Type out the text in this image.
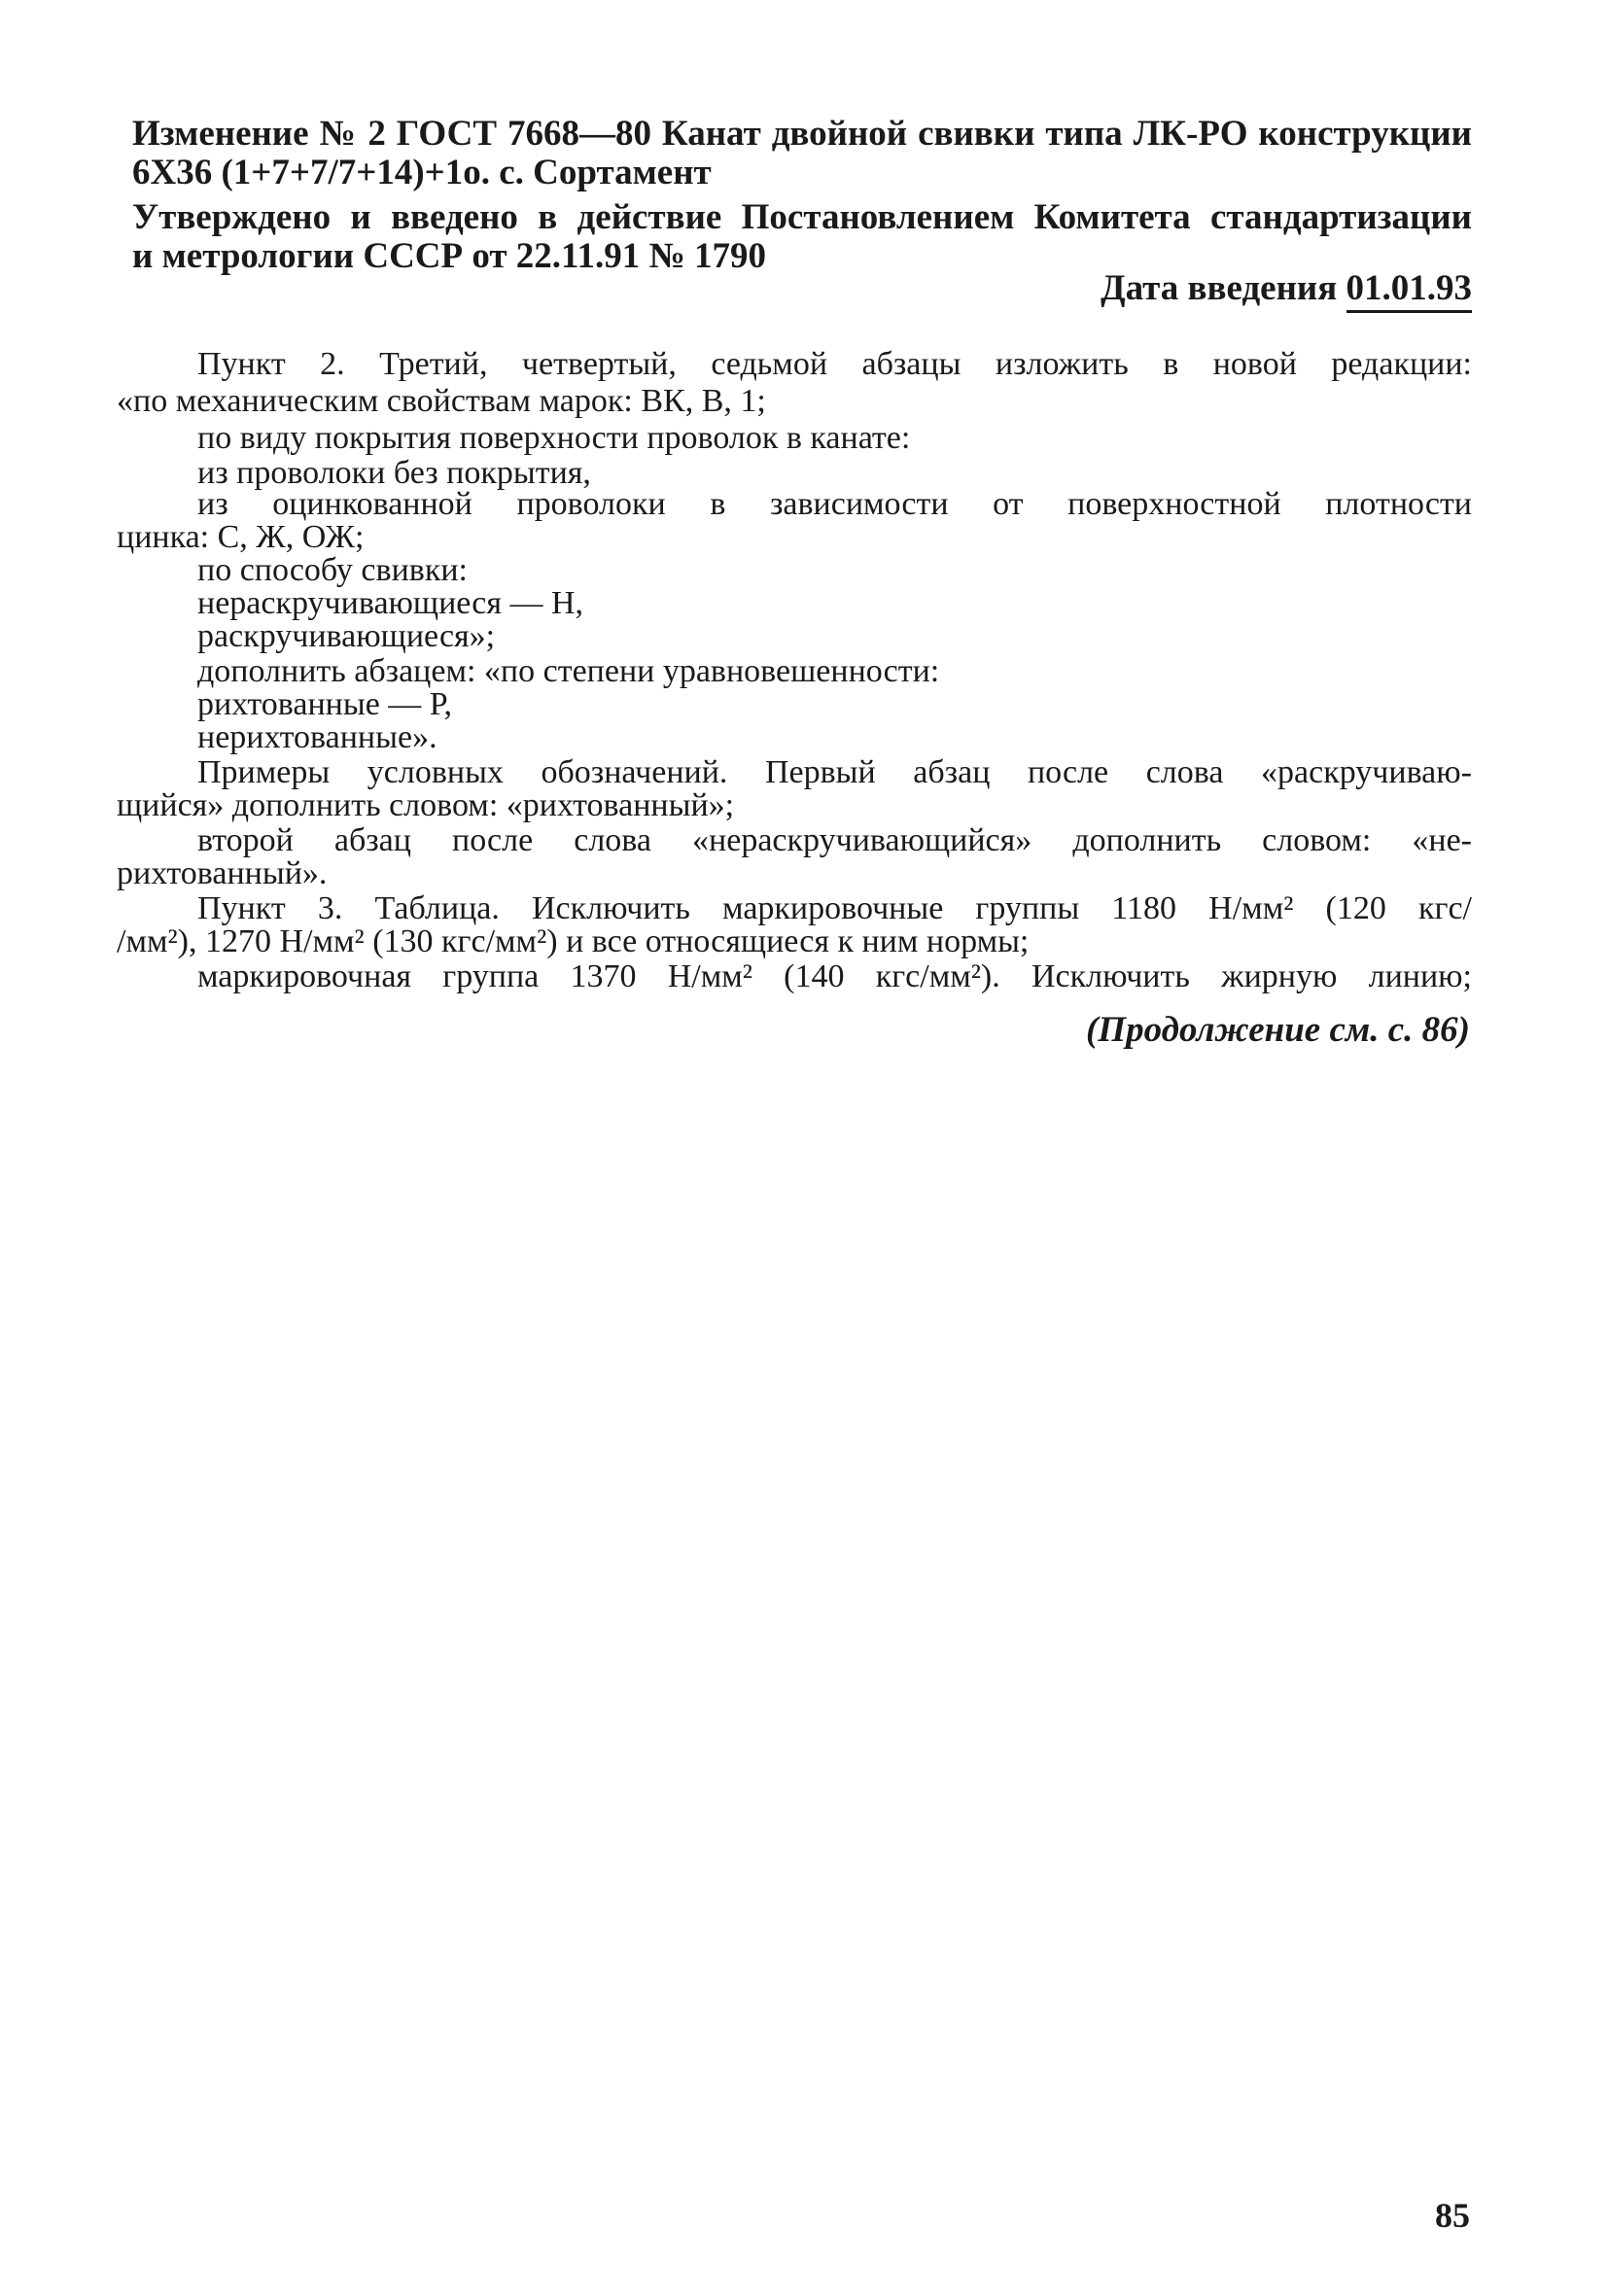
Изменение № 2 ГОСТ 7668—80 Канат двойной свивки типа ЛК-РО конструкции
6Х36 (1+7+7/7+14)+1о. с. Сортамент
Утверждено и введено в действие Постановлением Комитета стандартизации
и метрологии СССР от 22.11.91 № 1790
Дата введения 01.01.93
Пункт 2. Третий, четвертый, седьмой абзацы изложить в новой редакции:
«по механическим свойствам марок: ВК, В, 1;
по виду покрытия поверхности проволок в канате:
из проволоки без покрытия,
из оцинкованной проволоки в зависимости от поверхностной плотности
цинка: С, Ж, ОЖ;
по способу свивки:
нераскручивающиеся — Н,
раскручивающиеся»;
дополнить абзацем: «по степени уравновешенности:
рихтованные — Р,
нерихтованные».
Примеры условных обозначений. Первый абзац после слова «раскручиваю-
щийся» дополнить словом: «рихтованный»;
второй абзац после слова «нераскручивающийся» дополнить словом: «не-
рихтованный».
Пункт 3. Таблица. Исключить маркировочные группы 1180 Н/мм² (120 кгс/
/мм²), 1270 Н/мм² (130 кгс/мм²) и все относящиеся к ним нормы;
маркировочная группа 1370 Н/мм² (140 кгс/мм²). Исключить жирную линию;
(Продолжение см. с. 86)
85
